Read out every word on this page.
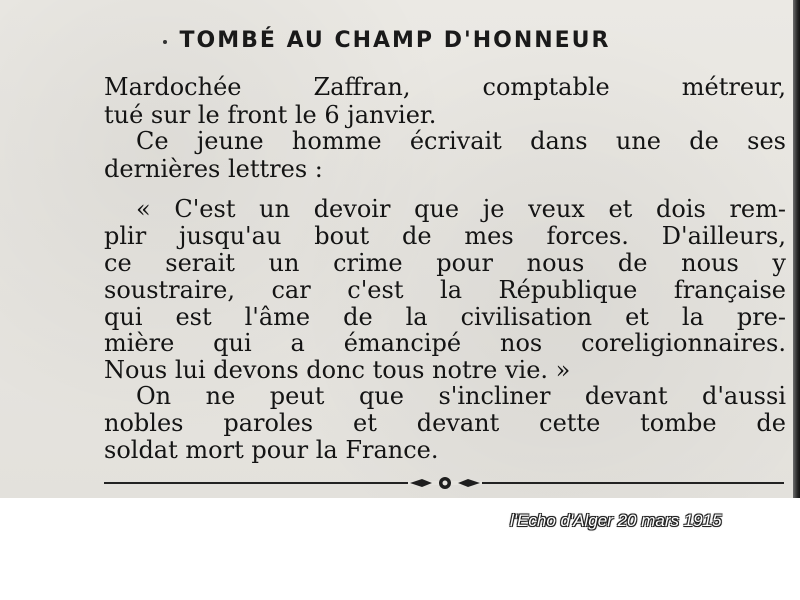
TOMBÉ AU CHAMP D'HONNEUR
Mardochée Zaffran, comptable métreur,
tué sur le front le 6 janvier.
Ce jeune homme écrivait dans une de ses
dernières lettres :
« C'est un devoir que je veux et dois rem-
plir jusqu'au bout de mes forces. D'ailleurs,
ce serait un crime pour nous de nous y
soustraire, car c'est la République française
qui est l'âme de la civilisation et la pre-
mière qui a émancipé nos coreligionnaires.
Nous lui devons donc tous notre vie. »
On ne peut que s'incliner devant d'aussi
nobles paroles et devant cette tombe de
soldat mort pour la France.
l'Echo d'Alger 20 mars 1915
